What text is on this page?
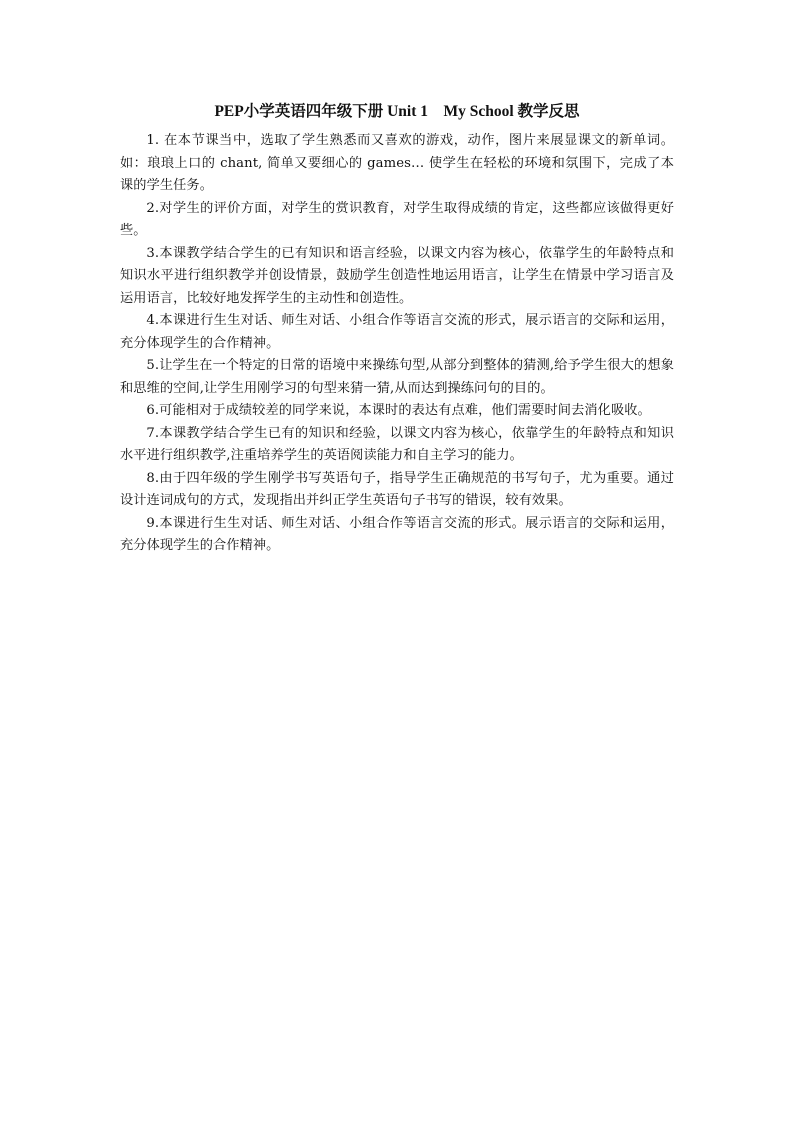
PEP小学英语四年级下册 Unit 1　My School 教学反思

1. 在本节课当中，选取了学生熟悉而又喜欢的游戏，动作，图片来展显课文的新单词。如：琅琅上口的 chant, 简单又要细心的 games… 使学生在轻松的环境和氛围下，完成了本课的学生任务。

2.对学生的评价方面，对学生的赏识教育，对学生取得成绩的肯定，这些都应该做得更好些。

3.本课教学结合学生的已有知识和语言经验，以课文内容为核心，依靠学生的年龄特点和知识水平进行组织教学并创设情景，鼓励学生创造性地运用语言，让学生在情景中学习语言及运用语言，比较好地发挥学生的主动性和创造性。

4.本课进行生生对话、师生对话、小组合作等语言交流的形式，展示语言的交际和运用，充分体现学生的合作精神。

5.让学生在一个特定的日常的语境中来操练句型,从部分到整体的猜测,给予学生很大的想象和思维的空间,让学生用刚学习的句型来猜一猜,从而达到操练问句的目的。

6.可能相对于成绩较差的同学来说，本课时的表达有点难，他们需要时间去消化吸收。

7.本课教学结合学生已有的知识和经验，以课文内容为核心，依靠学生的年龄特点和知识水平进行组织教学,注重培养学生的英语阅读能力和自主学习的能力。

8.由于四年级的学生刚学书写英语句子，指导学生正确规范的书写句子，尤为重要。通过设计连词成句的方式，发现指出并纠正学生英语句子书写的错误，较有效果。

9.本课进行生生对话、师生对话、小组合作等语言交流的形式。展示语言的交际和运用，充分体现学生的合作精神。
